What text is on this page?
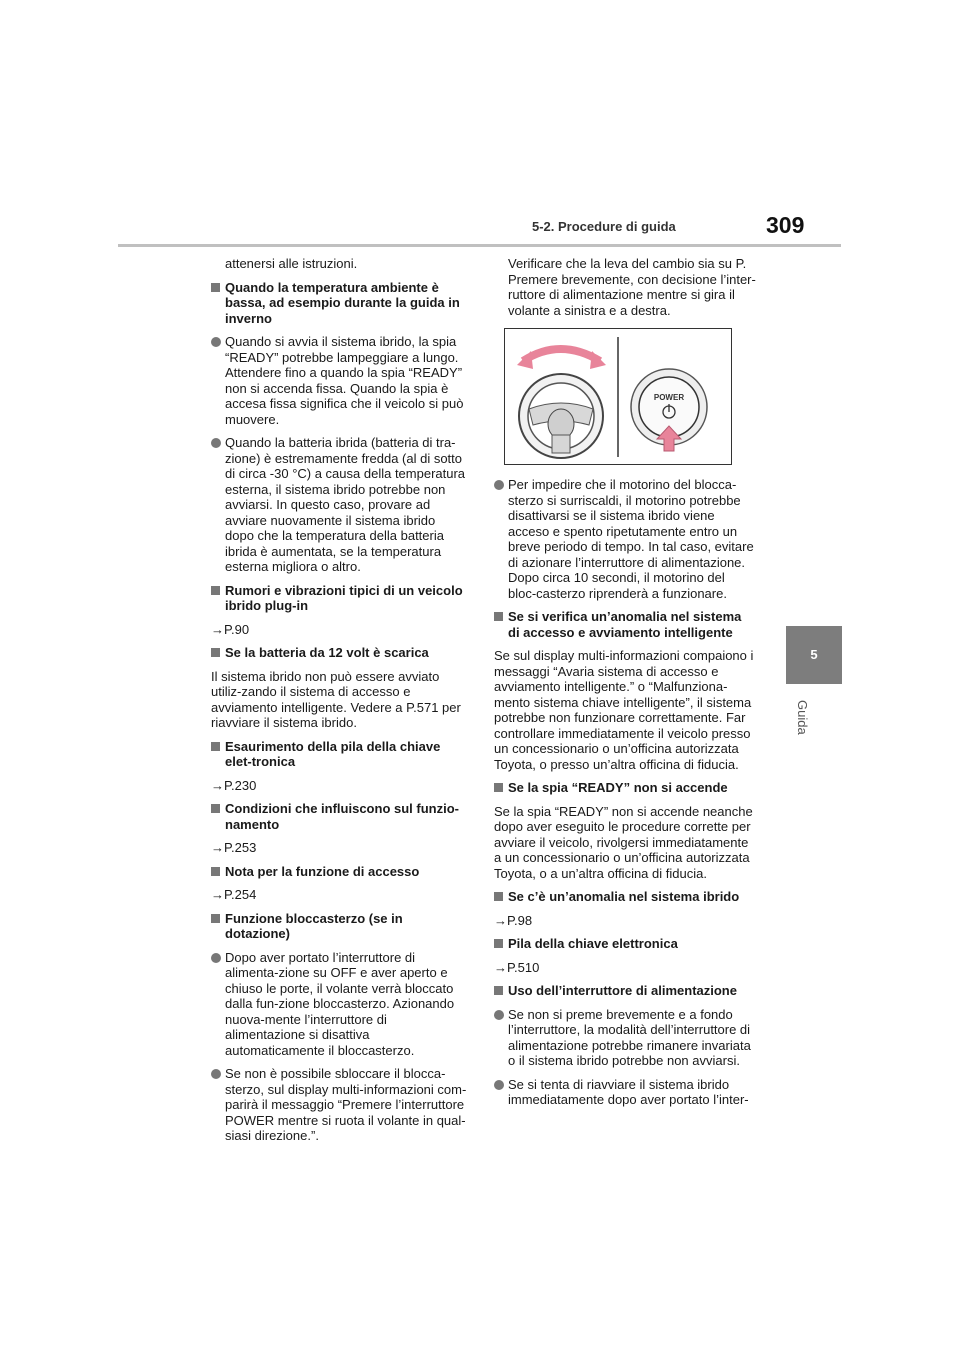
5-2. Procedure di guida	309
5
Guida

attenersi alle istruzioni.

Quando la temperatura ambiente è bassa, ad esempio durante la guida in inverno
Quando si avvia il sistema ibrido, la spia “READY” potrebbe lampeggiare a lungo. Attendere fino a quando la spia “READY” non si accenda fissa. Quando la spia è accesa fissa significa che il veicolo si può muovere.
Quando la batteria ibrida (batteria di tra-zione) è estremamente fredda (al di sotto di circa -30 °C) a causa della temperatura esterna, il sistema ibrido potrebbe non avviarsi. In questo caso, provare ad avviare nuovamente il sistema ibrido dopo che la temperatura della batteria ibrida è aumentata, se la temperatura esterna migliora o altro.
Rumori e vibrazioni tipici di un veicolo ibrido plug-in
→P.90
Se la batteria da 12 volt è scarica

Il sistema ibrido non può essere avviato utiliz-zando il sistema di accesso e avviamento intelligente. Vedere a P.571 per riavviare il sistema ibrido.

Esaurimento della pila della chiave elet-tronica
→P.230
Condizioni che influiscono sul funzio-namento
→P.253
Nota per la funzione di accesso
→P.254
Funzione bloccasterzo (se in dotazione)
Dopo aver portato l’interruttore di alimenta-zione su OFF e aver aperto e chiuso le porte, il volante verrà bloccato dalla fun-zione bloccasterzo. Azionando nuova-mente l’interruttore di alimentazione si disattiva automaticamente il bloccasterzo.
Se non è possibile sbloccare il blocca-sterzo, sul display multi-informazioni com-parirà il messaggio “Premere l’interruttore POWER mentre si ruota il volante in qual-siasi direzione.”.

Verificare che la leva del cambio sia su P. Premere brevemente, con decisione l’inter-ruttore di alimentazione mentre si gira il volante a sinistra e a destra.

POWER
Per impedire che il motorino del blocca-sterzo si surriscaldi, il motorino potrebbe disattivarsi se il sistema ibrido viene acceso e spento ripetutamente entro un breve periodo di tempo. In tal caso, evitare di azionare l’interruttore di alimentazione. Dopo circa 10 secondi, il motorino del bloc-casterzo riprenderà a funzionare.
Se si verifica un’anomalia nel sistema di accesso e avviamento intelligente

Se sul display multi-informazioni compaiono i messaggi “Avaria sistema di accesso e avviamento intelligente.” o “Malfunziona-mento sistema chiave intelligente”, il sistema potrebbe non funzionare correttamente. Far controllare immediatamente il veicolo presso un concessionario o un’officina autorizzata Toyota, o presso un’altra officina di fiducia.

Se la spia “READY” non si accende

Se la spia “READY” non si accende neanche dopo aver eseguito le procedure corrette per avviare il veicolo, rivolgersi immediatamente a un concessionario o un’officina autorizzata Toyota, o a un’altra officina di fiducia.

Se c’è un’anomalia nel sistema ibrido
→P.98
Pila della chiave elettronica
→P.510
Uso dell’interruttore di alimentazione
Se non si preme brevemente e a fondo l’interruttore, la modalità dell’interruttore di alimentazione potrebbe rimanere invariata o il sistema ibrido potrebbe non avviarsi.
Se si tenta di riavviare il sistema ibrido immediatamente dopo aver portato l’inter-
